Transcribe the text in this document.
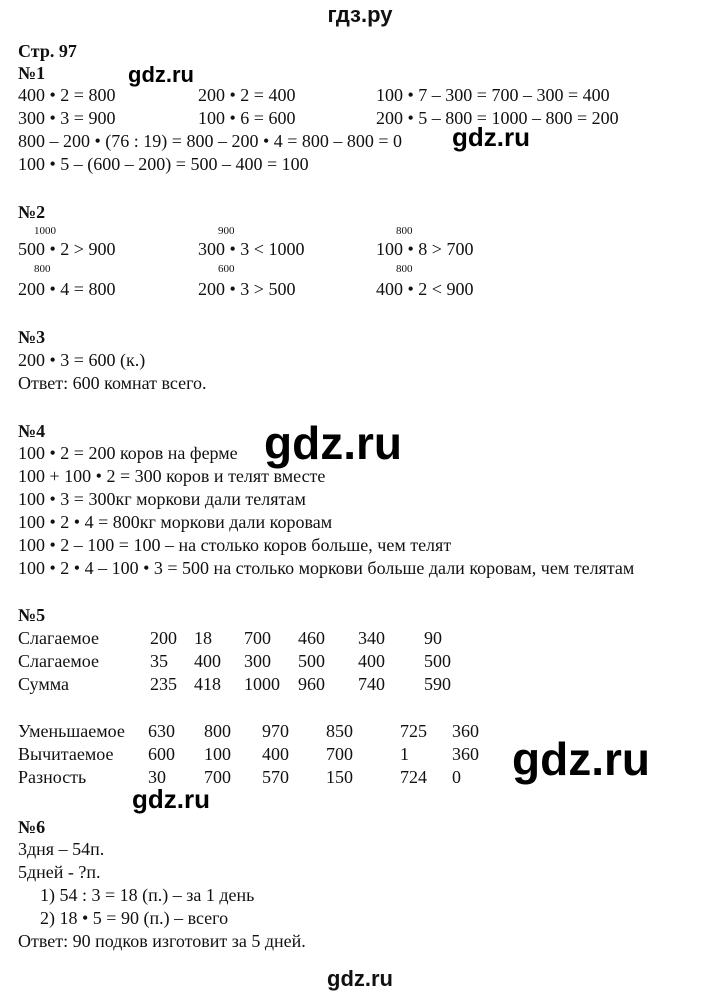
гдз.ру
Стр. 97
№1	gdz.ru
400 • 2 = 800	200 • 2 = 400	100 • 7 – 300 = 700 – 300 = 400
300 • 3 = 900	100 • 6 = 600	200 • 5 – 800 = 1000 – 800 = 200
800 – 200 • (76 : 19) = 800 – 200 • 4 = 800 – 800 = 0 gdz.ru
100 • 5 – (600 – 200) = 500 – 400 = 100
№2
1000	900	800
500 • 2 > 900	300 • 3 < 1000	100 • 8 > 700
800	600	800
200 • 4 = 800	200 • 3 > 500	400 • 2 < 900
№3
200 • 3 = 600 (к.)
Ответ: 600 комнат всего.
№4
100 • 2 = 200 коров на ферме gdz.ru
100 + 100 • 2 = 300 коров и телят вместе
100 • 3 = 300кг моркови дали телятам
100 • 2 • 4 = 800кг моркови дали коровам
100 • 2 – 100 = 100 – на столько коров больше, чем телят
100 • 2 • 4 – 100 • 3 = 500 на столько моркови больше дали коровам, чем телятам
№5
Слагаемое	200	18	700	460	340	90
Слагаемое	35	400	300	500	400	500
Сумма	235	418	1000	960	740	590
Уменьшаемое	630	800	970	850	725	360
Вычитаемое	600	100	400	700	1	360
Разность	30	700	570	150	724	0 gdz.ru
gdz.ru
№6
3дня – 54п.
5дней - ?п.
1) 54 : 3 = 18 (п.) – за 1 день
2) 18 • 5 = 90 (п.) – всего
Ответ: 90 подков изготовит за 5 дней.
gdz.ru
